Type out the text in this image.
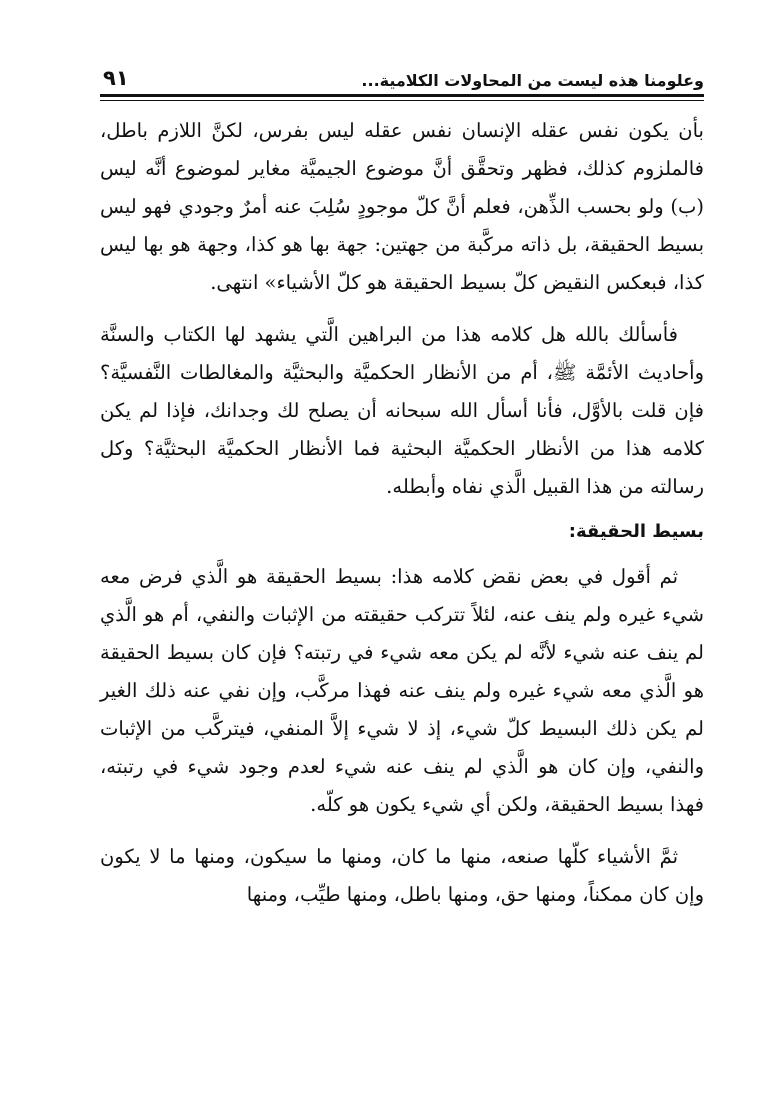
وعلومنا هذه ليست من المحاولات الكلامية...
٩١

بأن يكون نفس عقله الإنسان نفس عقله ليس بفرس، لكنَّ اللازم باطل، فالملزوم كذلك، فظهر وتحقَّق أنَّ موضوع الجيميَّة مغاير لموضوع أنَّه ليس (ب) ولو بحسب الذِّهن، فعلم أنَّ كلّ موجودٍ سُلِبَ عنه أمرٌ وجودي فهو ليس بسيط الحقيقة، بل ذاته مركَّبة من جهتين: جهة بها هو كذا، وجهة هو بها ليس كذا، فبعكس النقيض كلّ بسيط الحقيقة هو كلّ الأشياء» انتهى.

فأسألك بالله هل كلامه هذا من البراهين الَّتي يشهد لها الكتاب والسنَّة وأحاديث الأئمَّة ﷺ، أم من الأنظار الحكميَّة والبحثيَّة والمغالطات النَّفسيَّة؟ فإن قلت بالأوَّل، فأنا أسأل الله سبحانه أن يصلح لك وجدانك، فإذا لم يكن كلامه هذا من الأنظار الحكميَّة البحثية فما الأنظار الحكميَّة البحثيَّة؟ وكل رسالته من هذا القبيل الَّذي نفاه وأبطله.

بسيط الحقيقة:

ثم أقول في بعض نقض كلامه هذا: بسيط الحقيقة هو الَّذي فرض معه شيء غيره ولم ينف عنه، لئلاً تتركب حقيقته من الإثبات والنفي، أم هو الَّذي لم ينف عنه شيء لأنَّه لم يكن معه شيء في رتبته؟ فإن كان بسيط الحقيقة هو الَّذي معه شيء غيره ولم ينف عنه فهذا مركَّب، وإن نفي عنه ذلك الغير لم يكن ذلك البسيط كلّ شيء، إذ لا شيء إلاَّ المنفي، فيتركَّب من الإثبات والنفي، وإن كان هو الَّذي لم ينف عنه شيء لعدم وجود شيء في رتبته، فهذا بسيط الحقيقة، ولكن أي شيء يكون هو كلّه.

ثمَّ الأشياء كلّها صنعه، منها ما كان، ومنها ما سيكون، ومنها ما لا يكون وإن كان ممكناً، ومنها حق، ومنها باطل، ومنها طيِّب، ومنها
